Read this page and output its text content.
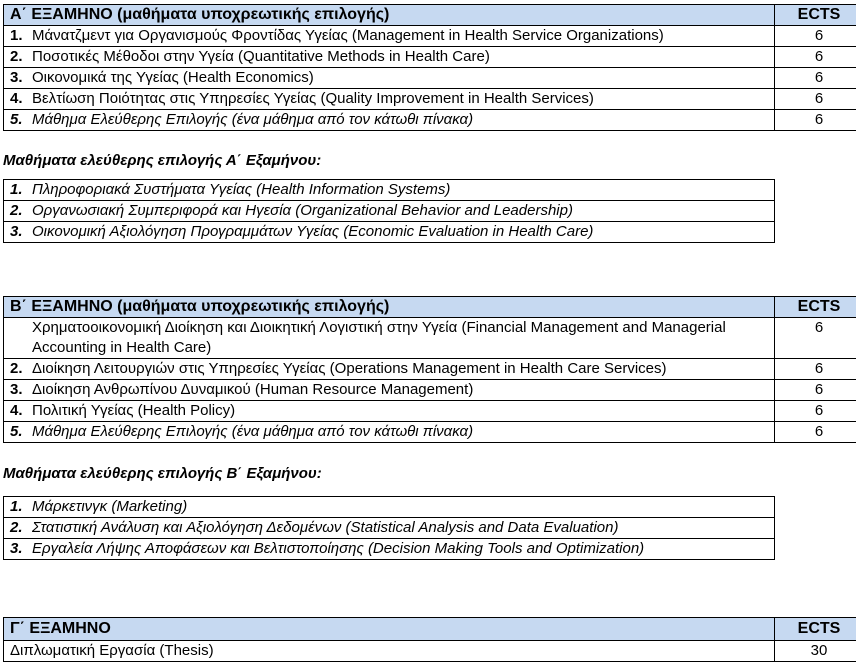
Α΄ ΕΞΑΜΗΝΟ (μαθήματα υποχρεωτικής επιλογής)	ECTS
1. Μάνατζμεντ για Οργανισμούς Φροντίδας Υγείας (Management in Health Service Organizations)	6
2. Ποσοτικές Μέθοδοι στην Υγεία (Quantitative Methods in Health Care)	6
3. Οικονομικά της Υγείας (Health Economics)	6
4. Βελτίωση Ποιότητας στις Υπηρεσίες Υγείας (Quality Improvement in Health Services)	6
5. Μάθημα Ελεύθερης Επιλογής (ένα μάθημα από τον κάτωθι πίνακα)	6
Μαθήματα ελεύθερης επιλογής Α΄ Εξαμήνου:
1. Πληροφοριακά Συστήματα Υγείας (Health Information Systems)
2. Οργανωσιακή Συμπεριφορά και Ηγεσία (Organizational Behavior and Leadership)
3. Οικονομική Αξιολόγηση Προγραμμάτων Υγείας (Economic Evaluation in Health Care)
Β΄ ΕΞΑΜΗΝΟ (μαθήματα υποχρεωτικής επιλογής)	ECTS

Χρηματοοικονομική Διοίκηση και Διοικητική Λογιστική στην Υγεία (Financial Management and Managerial Accounting in Health Care)	6
2. Διοίκηση Λειτουργιών στις Υπηρεσίες Υγείας (Operations Management in Health Care Services)	6
3. Διοίκηση Ανθρωπίνου Δυναμικού (Human Resource Management)	6
4. Πολιτική Υγείας (Health Policy)	6
5. Μάθημα Ελεύθερης Επιλογής (ένα μάθημα από τον κάτωθι πίνακα)	6
Μαθήματα ελεύθερης επιλογής Β΄ Εξαμήνου:
1. Μάρκετινγκ (Marketing)
2. Στατιστική Ανάλυση και Αξιολόγηση Δεδομένων (Statistical Analysis and Data Evaluation)
3. Εργαλεία Λήψης Αποφάσεων και Βελτιστοποίησης (Decision Making Tools and Optimization)
Γ΄ ΕΞΑΜΗΝΟ	ECTS
Διπλωματική Εργασία (Thesis)	30
